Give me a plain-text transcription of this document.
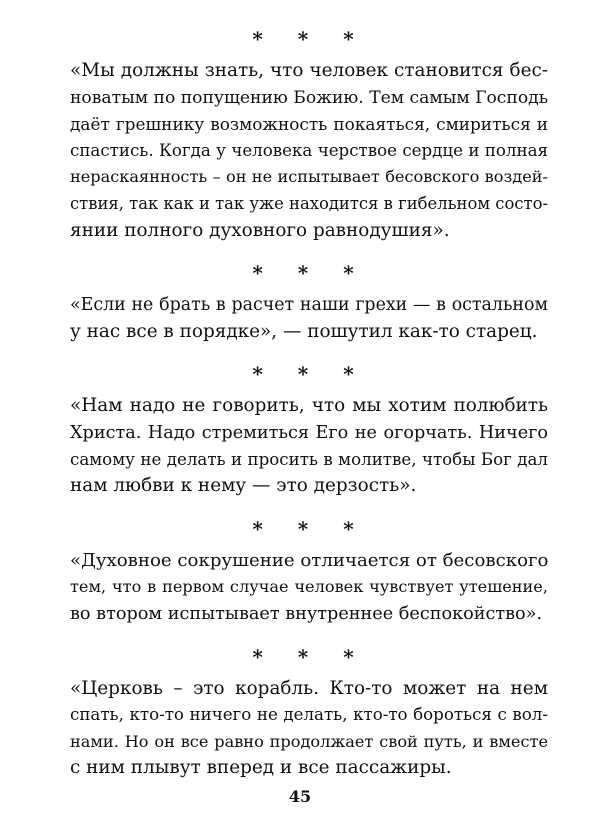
* * *
«Мы должны знать, что человек становится бес-
новатым по попущению Божию. Тем самым Господь
даёт грешнику возможность покаяться, смириться и
спастись. Когда у человека черствое сердце и полная
нераскаянность – он не испытывает бесовского воздей-
ствия, так как и так уже находится в гибельном состо-
янии полного духовного равнодушия».
* * *
«Если не брать в расчет наши грехи — в остальном
у нас все в порядке», — пошутил как-то старец.
* * *
«Нам надо не говорить, что мы хотим полюбить
Христа. Надо стремиться Его не огорчать. Ничего
самому не делать и просить в молитве, чтобы Бог дал
нам любви к нему — это дерзость».
* * *
«Духовное сокрушение отличается от бесовского
тем, что в первом случае человек чувствует утешение,
во втором испытывает внутреннее беспокойство».
* * *
«Церковь – это корабль. Кто-то может на нем
спать, кто-то ничего не делать, кто-то бороться с вол-
нами. Но он все равно продолжает свой путь, и вместе
с ним плывут вперед и все пассажиры.
45
